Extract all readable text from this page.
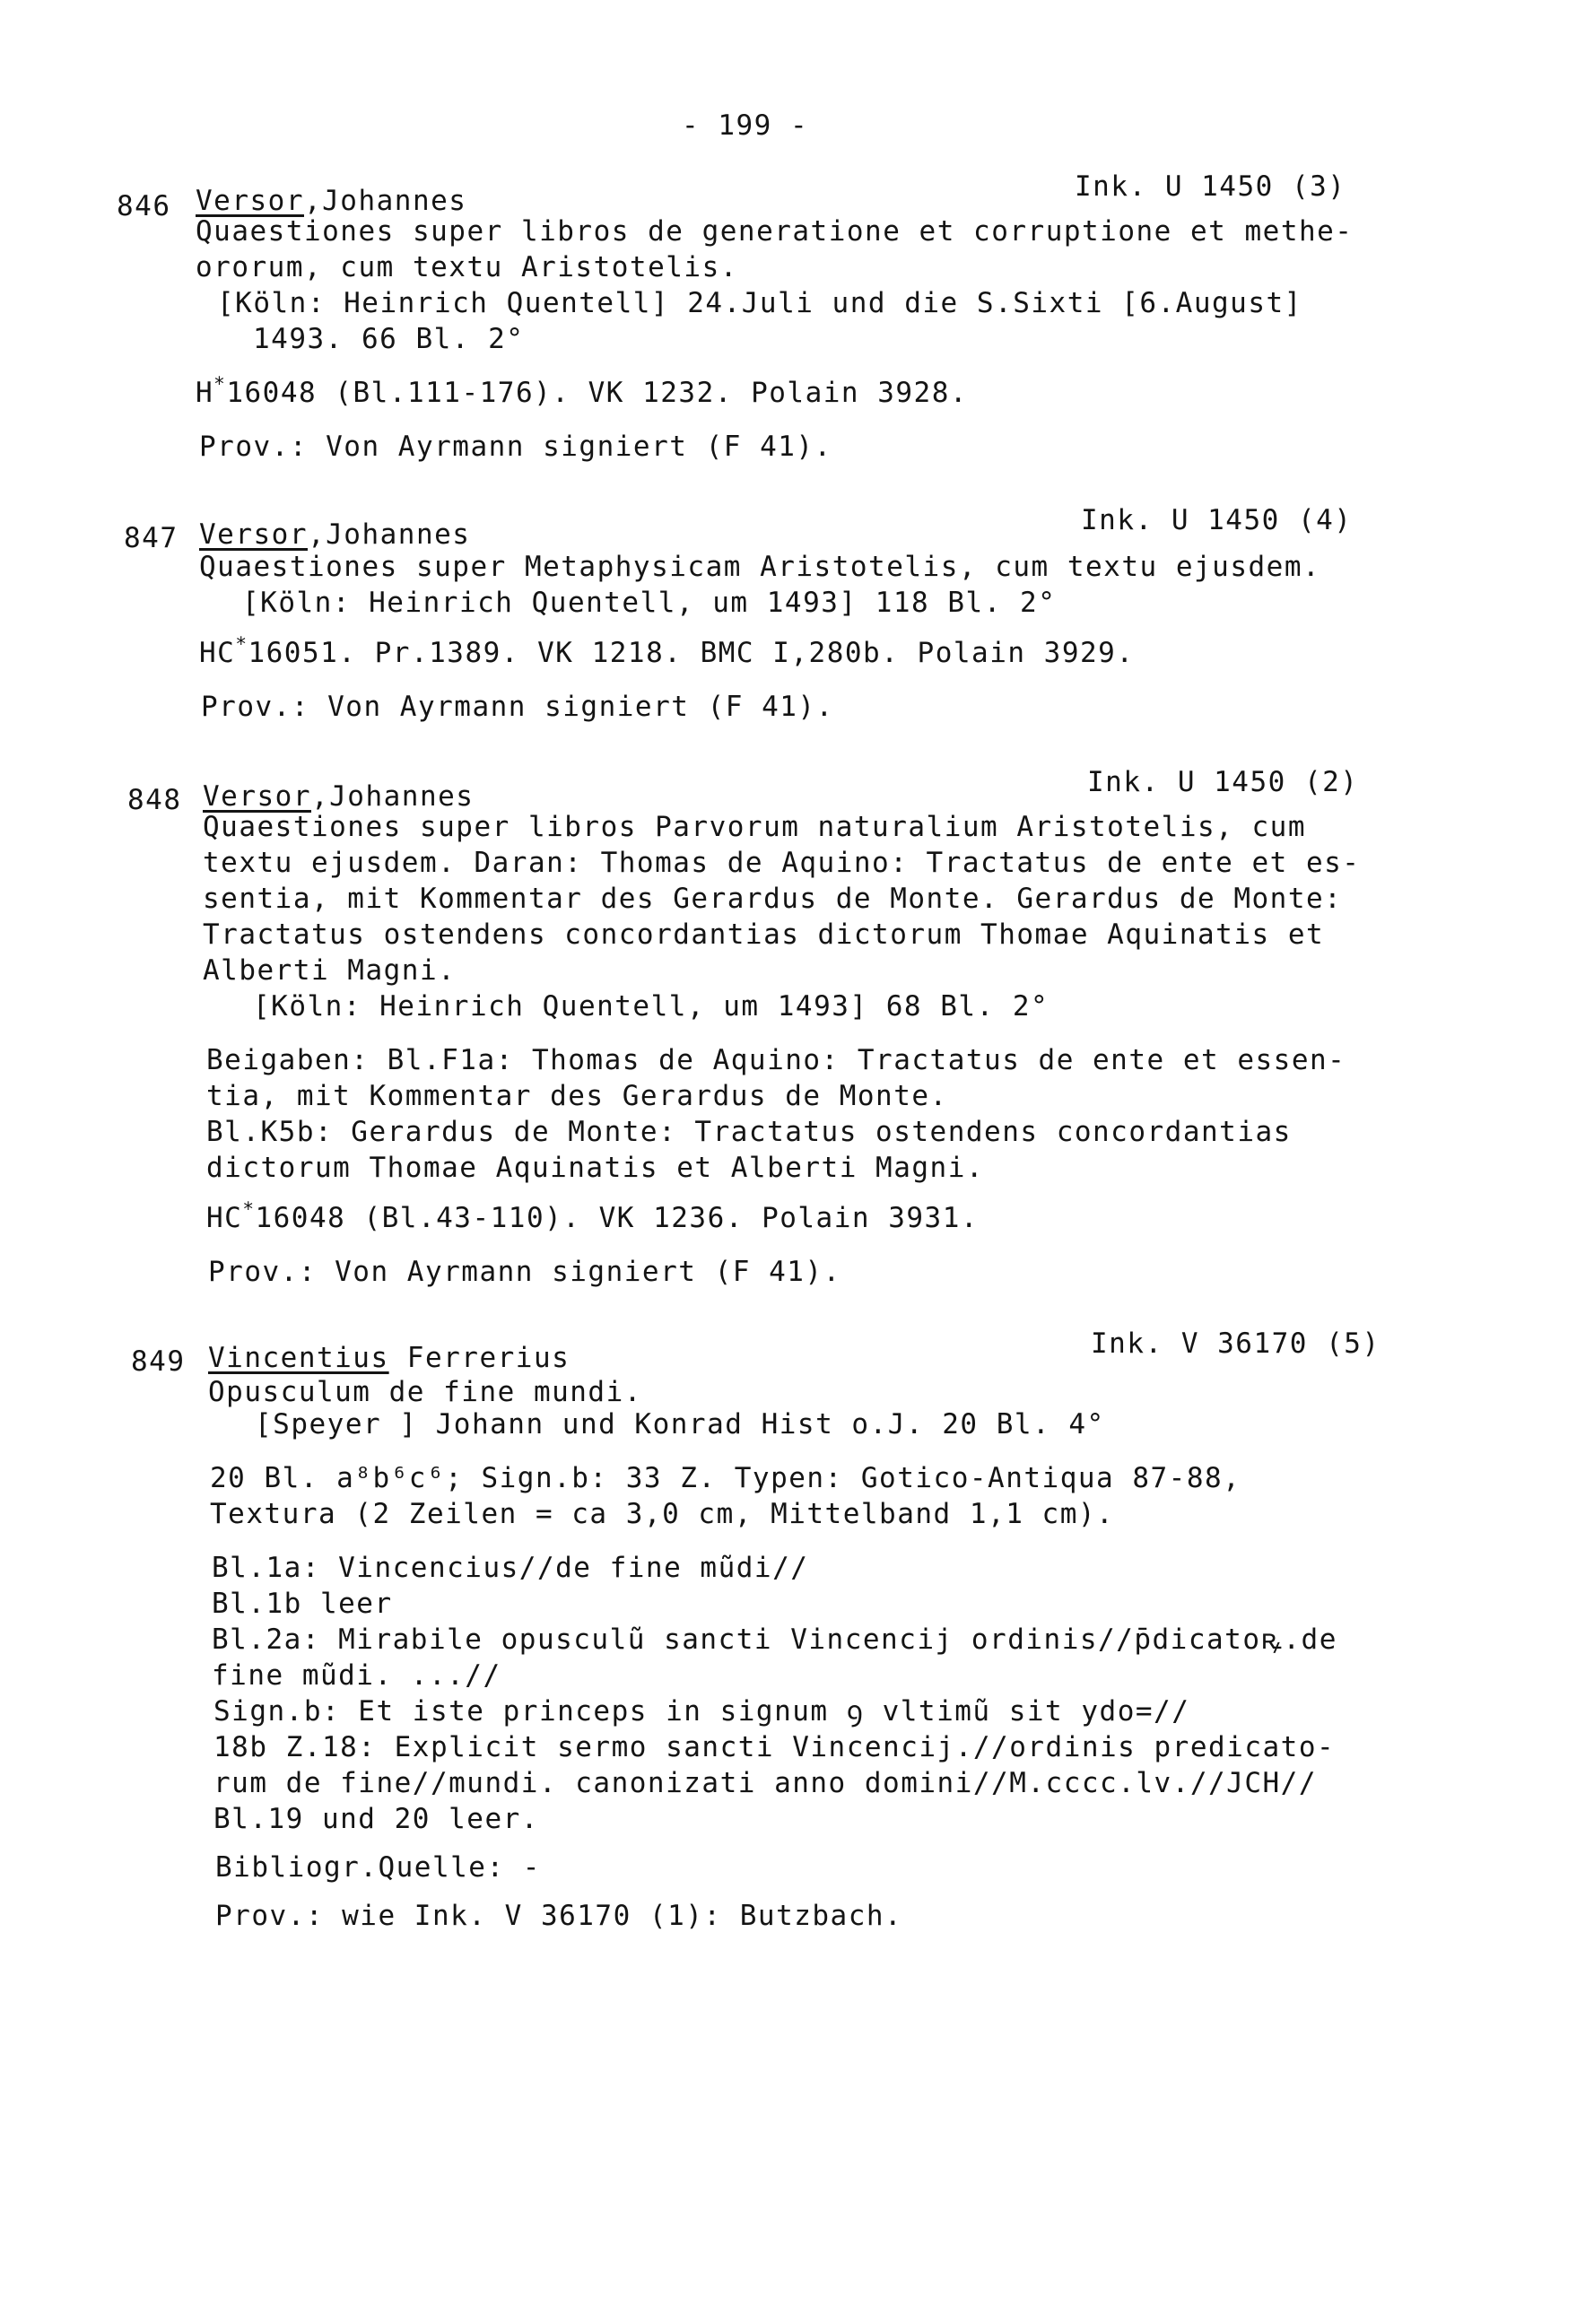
- 199 -
846 Versor,Johannes	Ink. U 1450 (3)
Quaestiones super libros de generatione et corruptione et methe-
ororum, cum textu Aristotelis.
[Köln: Heinrich Quentell] 24.Juli und die S.Sixti [6.August]
1493. 66 Bl. 2°
H*16048 (Bl.111-176). VK 1232. Polain 3928.
Prov.: Von Ayrmann signiert (F 41).
847 Versor,Johannes	Ink. U 1450 (4)
Quaestiones super Metaphysicam Aristotelis, cum textu ejusdem.
[Köln: Heinrich Quentell, um 1493] 118 Bl. 2°
HC*16051. Pr.1389. VK 1218. BMC I,280b. Polain 3929.
Prov.: Von Ayrmann signiert (F 41).
848 Versor,Johannes	Ink. U 1450 (2)
Quaestiones super libros Parvorum naturalium Aristotelis, cum
textu ejusdem. Daran: Thomas de Aquino: Tractatus de ente et es-
sentia, mit Kommentar des Gerardus de Monte. Gerardus de Monte:
Tractatus ostendens concordantias dictorum Thomae Aquinatis et
Alberti Magni.
[Köln: Heinrich Quentell, um 1493] 68 Bl. 2°
Beigaben: Bl.F1a: Thomas de Aquino: Tractatus de ente et essen-
tia, mit Kommentar des Gerardus de Monte.
Bl.K5b: Gerardus de Monte: Tractatus ostendens concordantias
dictorum Thomae Aquinatis et Alberti Magni.
HC*16048 (Bl.43-110). VK 1236. Polain 3931.
Prov.: Von Ayrmann signiert (F 41).
849 Vincentius Ferrerius	Ink. V 36170 (5)
Opusculum de fine mundi.
[Speyer ] Johann und Konrad Hist o.J. 20 Bl. 4°
20 Bl. a⁸b⁶c⁶; Sign.b: 33 Z. Typen: Gotico-Antiqua 87-88,
Textura (2 Zeilen = ca 3,0 cm, Mittelband 1,1 cm).
Bl.1a: Vincencius//de fine mũdi//
Bl.1b leer
Bl.2a: Mirabile opusculũ sancti Vincencij ordinis//p̄dicatoꝶ.de
fine mũdi. ...//
Sign.b: Et iste princeps in signum ꝯ vltimũ sit ydo=//
18b Z.18: Explicit sermo sancti Vincencij.//ordinis predicato-
rum de fine//mundi. canonizati anno domini//M.cccc.lv.//JCH//
Bl.19 und 20 leer.
Bibliogr.Quelle: -
Prov.: wie Ink. V 36170 (1): Butzbach.
